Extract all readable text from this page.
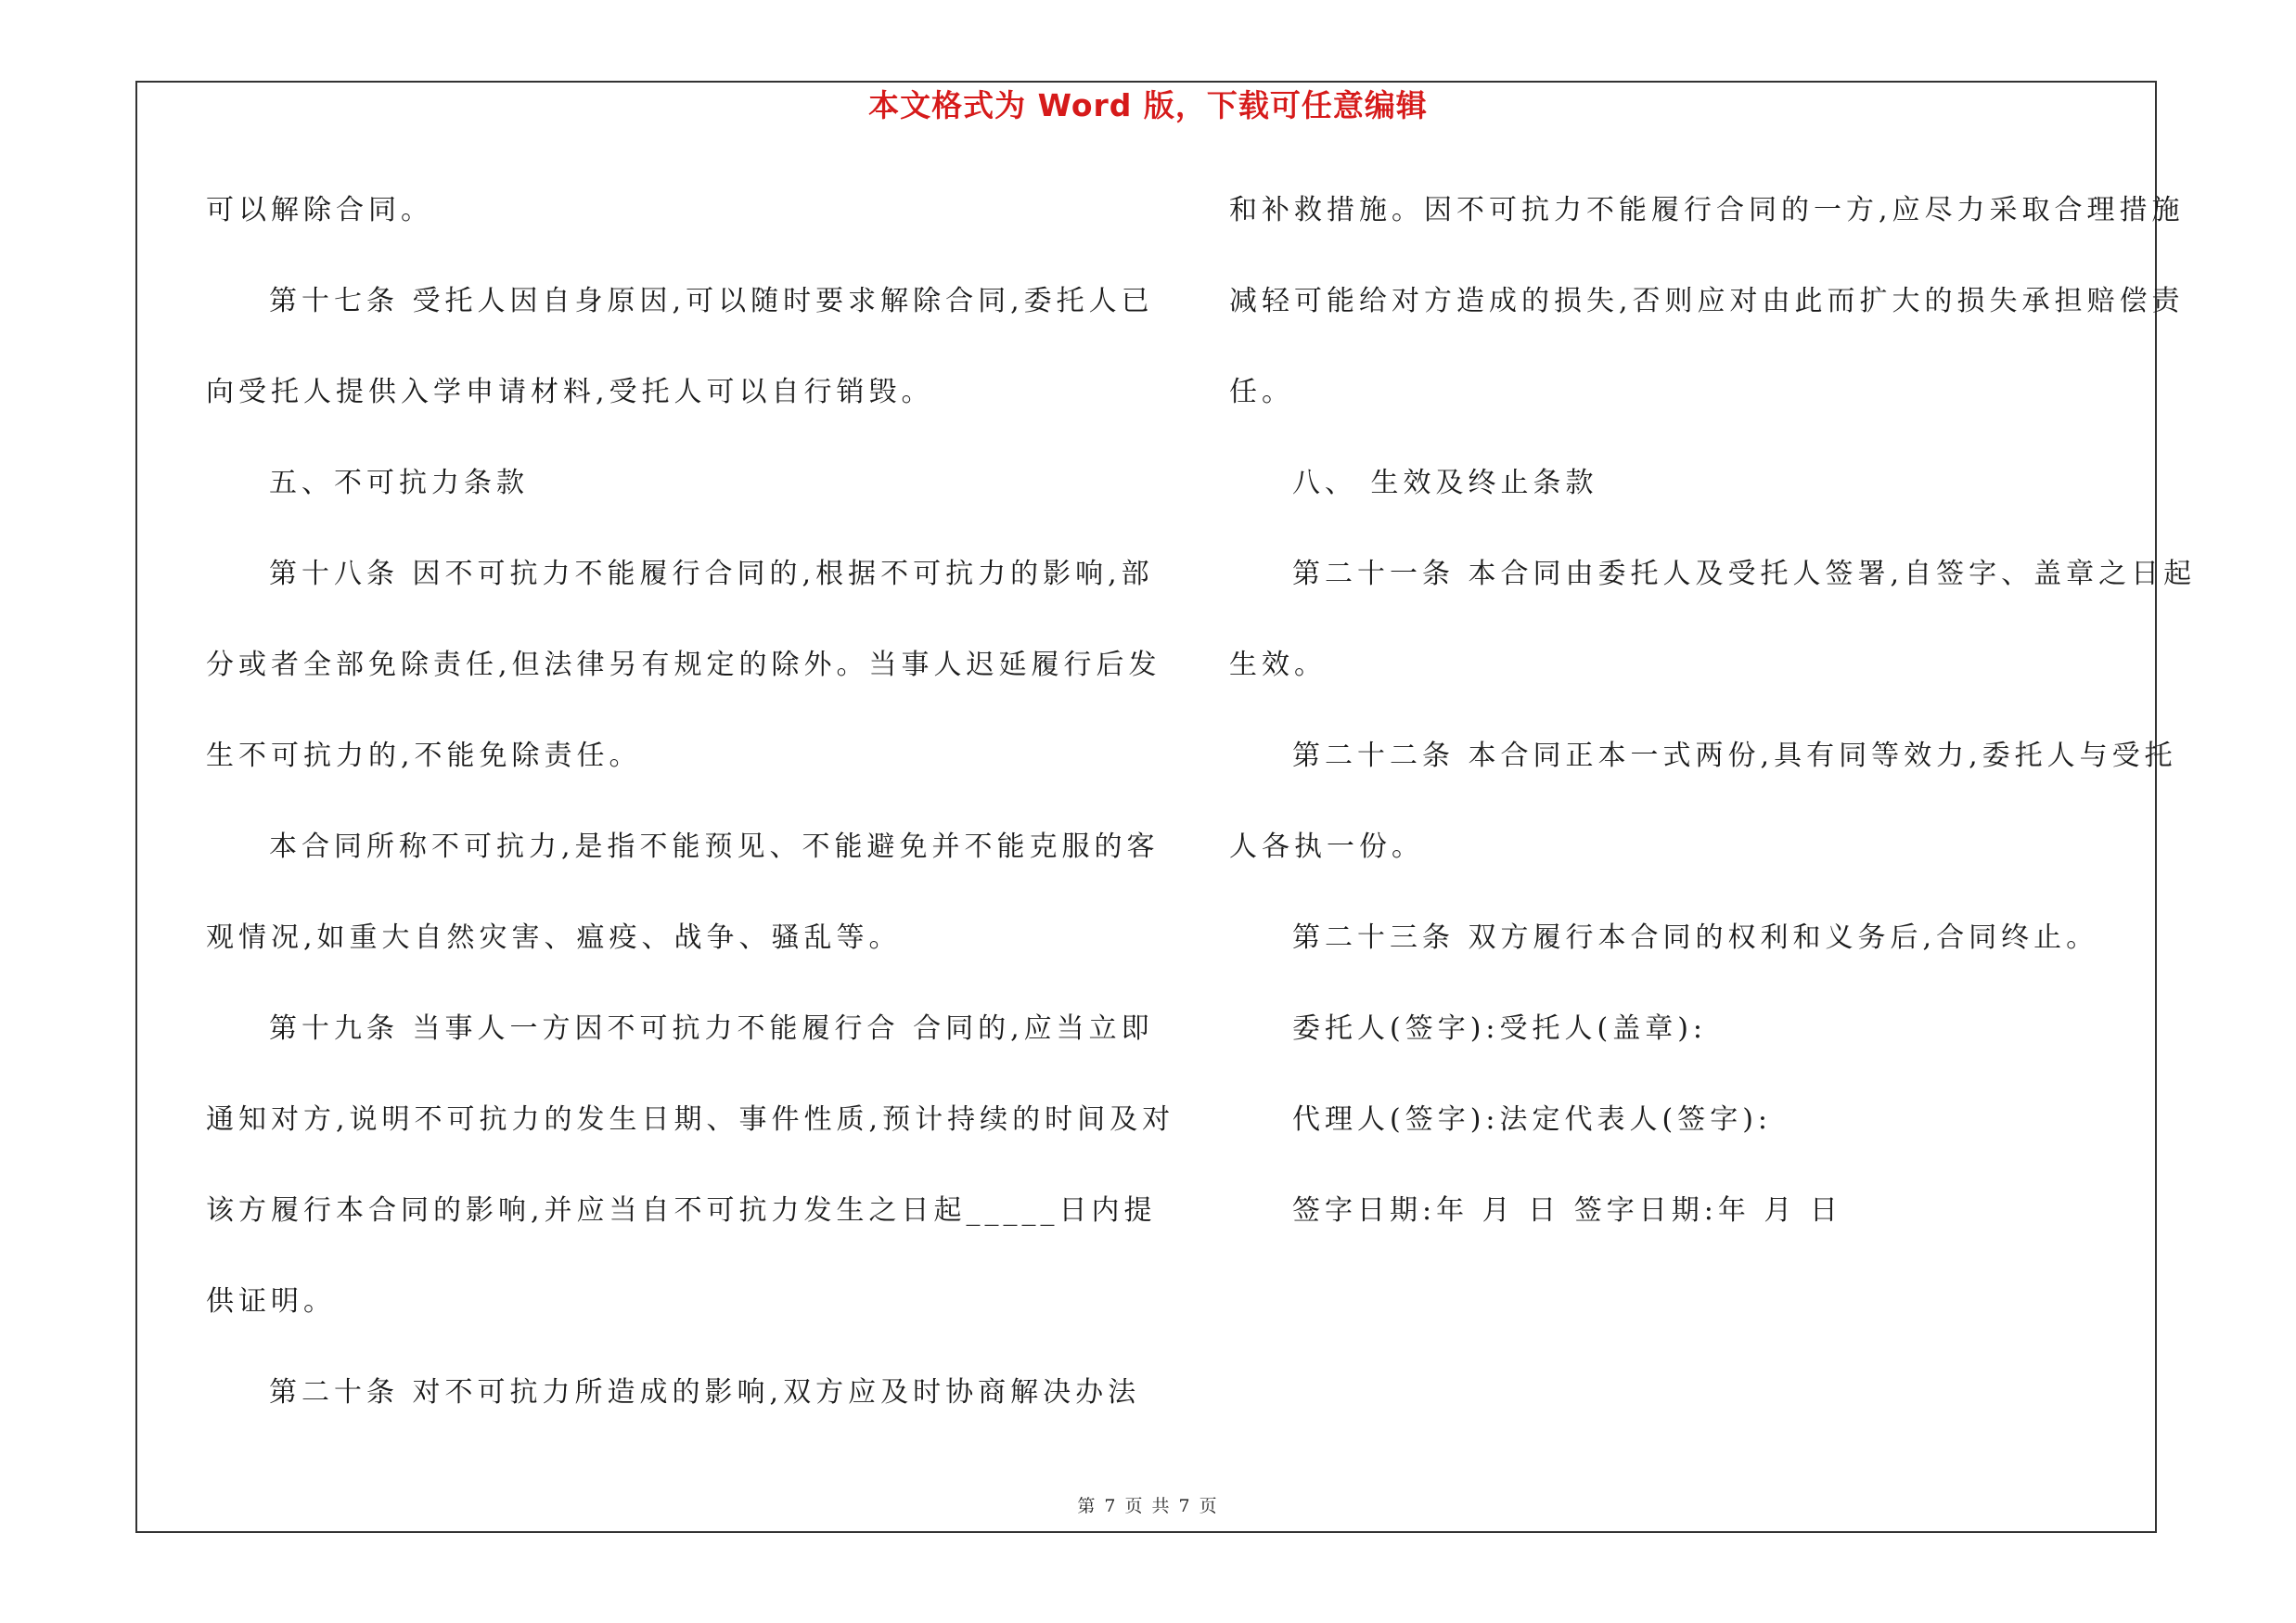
本文格式为 Word 版，下载可任意编辑
可以解除合同。
第十七条 受托人因自身原因,可以随时要求解除合同,委托人已
向受托人提供入学申请材料,受托人可以自行销毁。
五、不可抗力条款
第十八条 因不可抗力不能履行合同的,根据不可抗力的影响,部
分或者全部免除责任,但法律另有规定的除外。当事人迟延履行后发
生不可抗力的,不能免除责任。
本合同所称不可抗力,是指不能预见、不能避免并不能克服的客
观情况,如重大自然灾害、瘟疫、战争、骚乱等。
第十九条 当事人一方因不可抗力不能履行合 合同的,应当立即
通知对方,说明不可抗力的发生日期、事件性质,预计持续的时间及对
该方履行本合同的影响,并应当自不可抗力发生之日起_____日内提
供证明。
第二十条 对不可抗力所造成的影响,双方应及时协商解决办法
和补救措施。因不可抗力不能履行合同的一方,应尽力采取合理措施
减轻可能给对方造成的损失,否则应对由此而扩大的损失承担赔偿责
任。
八、 生效及终止条款
第二十一条 本合同由委托人及受托人签署,自签字、盖章之日起
生效。
第二十二条 本合同正本一式两份,具有同等效力,委托人与受托
人各执一份。
第二十三条 双方履行本合同的权利和义务后,合同终止。
委托人(签字):受托人(盖章):
代理人(签字):法定代表人(签字):
签字日期:年 月 日 签字日期:年 月 日
第 7 页 共 7 页
